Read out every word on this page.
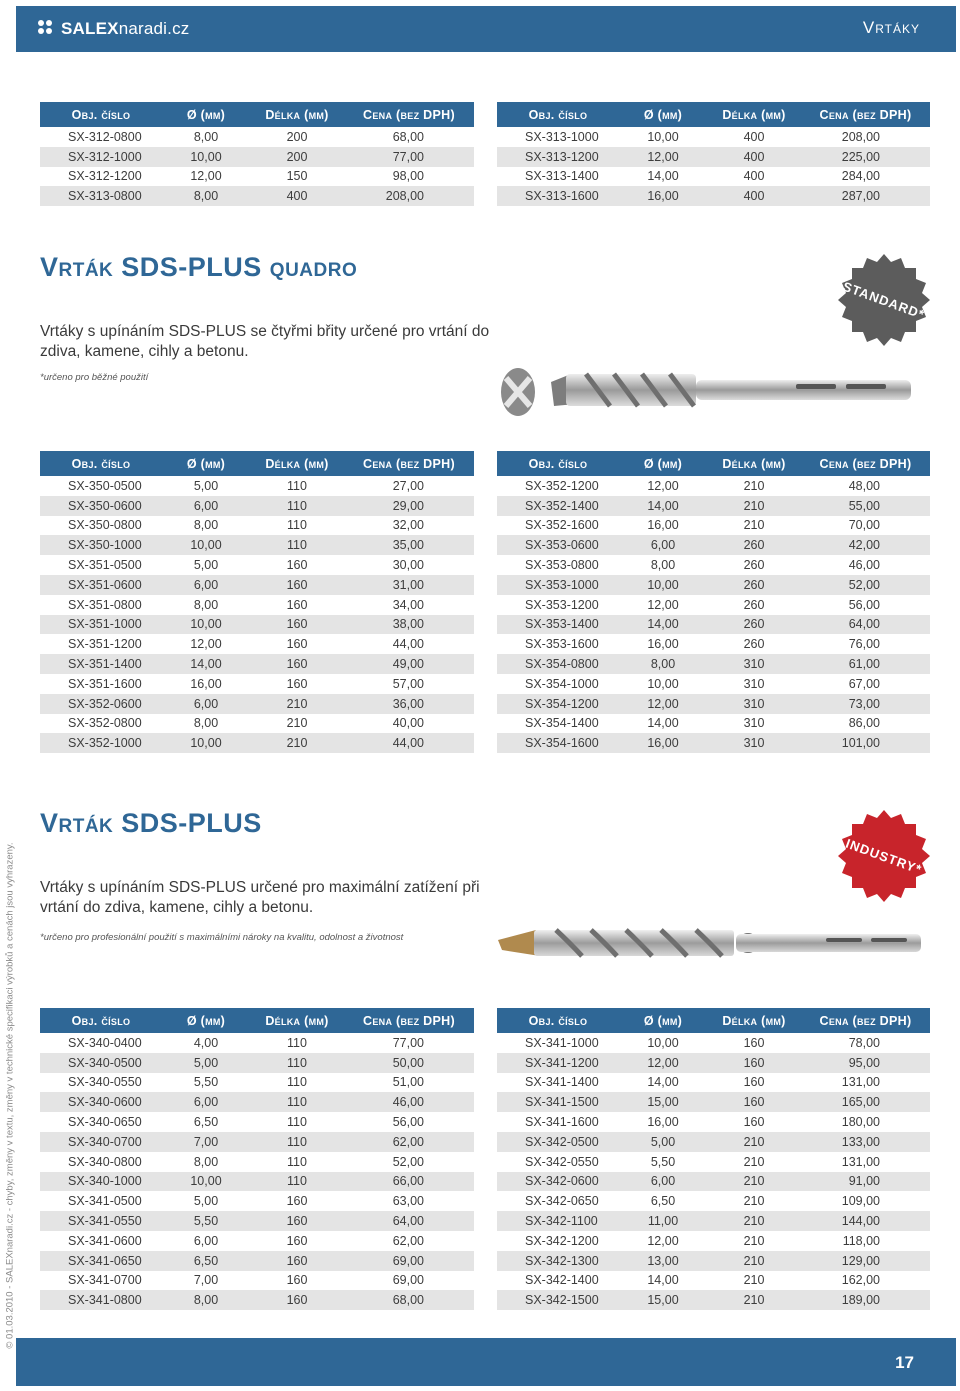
SALEXnaradi.cz	Vrtáky
Obj. číslo	Ø (mm)	Délka (mm)	Cena (bez DPH)
SX-312-0800	8,00	200	68,00
SX-312-1000	10,00	200	77,00
SX-312-1200	12,00	150	98,00
SX-313-0800	8,00	400	208,00
Obj. číslo	Ø (mm)	Délka (mm)	Cena (bez DPH)
SX-313-1000	10,00	400	208,00
SX-313-1200	12,00	400	225,00
SX-313-1400	14,00	400	284,00
SX-313-1600	16,00	400	287,00
Vrták SDS-PLUS quadro
Vrtáky s upínáním SDS-PLUS se čtyřmi břity určené pro vrtání do zdiva, kamene, cihly a betonu.
*určeno pro běžné použití
STANDARD*
Obj. číslo	Ø (mm)	Délka (mm)	Cena (bez DPH)
SX-350-0500	5,00	110	27,00
SX-350-0600	6,00	110	29,00
SX-350-0800	8,00	110	32,00
SX-350-1000	10,00	110	35,00
SX-351-0500	5,00	160	30,00
SX-351-0600	6,00	160	31,00
SX-351-0800	8,00	160	34,00
SX-351-1000	10,00	160	38,00
SX-351-1200	12,00	160	44,00
SX-351-1400	14,00	160	49,00
SX-351-1600	16,00	160	57,00
SX-352-0600	6,00	210	36,00
SX-352-0800	8,00	210	40,00
SX-352-1000	10,00	210	44,00
Obj. číslo	Ø (mm)	Délka (mm)	Cena (bez DPH)
SX-352-1200	12,00	210	48,00
SX-352-1400	14,00	210	55,00
SX-352-1600	16,00	210	70,00
SX-353-0600	6,00	260	42,00
SX-353-0800	8,00	260	46,00
SX-353-1000	10,00	260	52,00
SX-353-1200	12,00	260	56,00
SX-353-1400	14,00	260	64,00
SX-353-1600	16,00	260	76,00
SX-354-0800	8,00	310	61,00
SX-354-1000	10,00	310	67,00
SX-354-1200	12,00	310	73,00
SX-354-1400	14,00	310	86,00
SX-354-1600	16,00	310	101,00
Vrták SDS-PLUS
Vrtáky s upínáním SDS-PLUS určené pro maximální zatížení při vrtání do zdiva, kamene, cihly a betonu.
*určeno pro profesionální použití s maximálními nároky na kvalitu, odolnost a životnost
INDUSTRY*
Obj. číslo	Ø (mm)	Délka (mm)	Cena (bez DPH)
SX-340-0400	4,00	110	77,00
SX-340-0500	5,00	110	50,00
SX-340-0550	5,50	110	51,00
SX-340-0600	6,00	110	46,00
SX-340-0650	6,50	110	56,00
SX-340-0700	7,00	110	62,00
SX-340-0800	8,00	110	52,00
SX-340-1000	10,00	110	66,00
SX-341-0500	5,00	160	63,00
SX-341-0550	5,50	160	64,00
SX-341-0600	6,00	160	62,00
SX-341-0650	6,50	160	69,00
SX-341-0700	7,00	160	69,00
SX-341-0800	8,00	160	68,00
Obj. číslo	Ø (mm)	Délka (mm)	Cena (bez DPH)
SX-341-1000	10,00	160	78,00
SX-341-1200	12,00	160	95,00
SX-341-1400	14,00	160	131,00
SX-341-1500	15,00	160	165,00
SX-341-1600	16,00	160	180,00
SX-342-0500	5,00	210	133,00
SX-342-0550	5,50	210	131,00
SX-342-0600	6,00	210	91,00
SX-342-0650	6,50	210	109,00
SX-342-1100	11,00	210	144,00
SX-342-1200	12,00	210	118,00
SX-342-1300	13,00	210	129,00
SX-342-1400	14,00	210	162,00
SX-342-1500	15,00	210	189,00
© 01.03.2010 - SALEXnaradi.cz - chyby, změny v textu, změny v technické specifikaci výrobků a cenách jsou vyhrazeny.
17
